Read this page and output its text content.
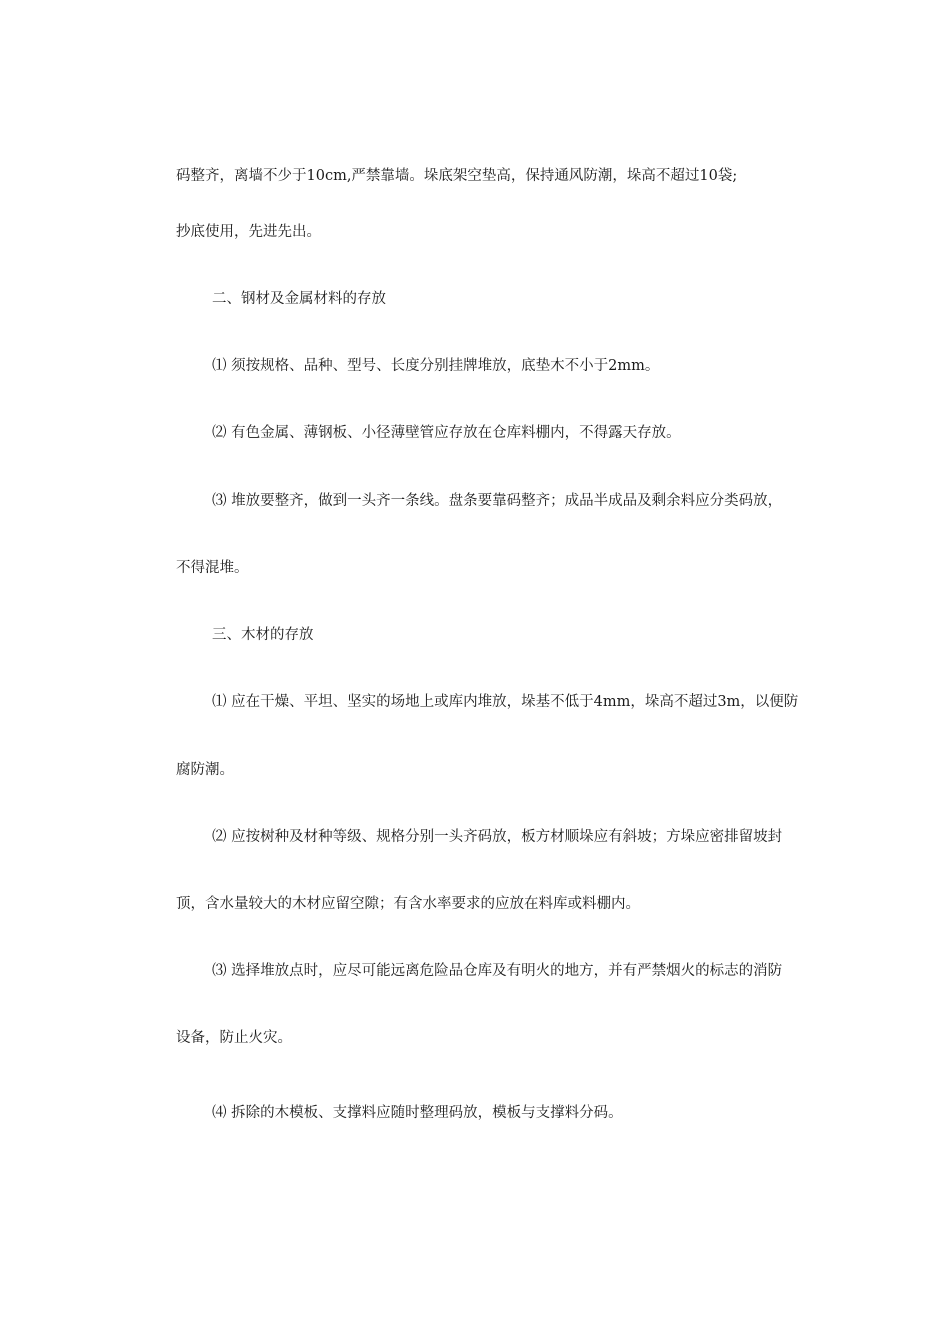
码整齐，离墙不少于10cm,严禁靠墙。垛底架空垫高，保持通风防潮，垛高不超过10袋;
抄底使用，先进先出。
二、钢材及金属材料的存放
⑴ 须按规格、品种、型号、长度分别挂牌堆放，底垫木不小于2mm。
⑵ 有色金属、薄钢板、小径薄壁管应存放在仓库料棚内，不得露天存放。
⑶ 堆放要整齐，做到一头齐一条线。盘条要靠码整齐；成品半成品及剩余料应分类码放，
不得混堆。
三、木材的存放
⑴ 应在干燥、平坦、坚实的场地上或库内堆放，垛基不低于4mm，垛高不超过3m，以便防
腐防潮。
⑵ 应按树种及材种等级、规格分别一头齐码放，板方材顺垛应有斜坡；方垛应密排留坡封
顶，含水量较大的木材应留空隙；有含水率要求的应放在料库或料棚内。
⑶ 选择堆放点时，应尽可能远离危险品仓库及有明火的地方，并有严禁烟火的标志的消防
设备，防止火灾。
⑷ 拆除的木模板、支撑料应随时整理码放，模板与支撑料分码。
